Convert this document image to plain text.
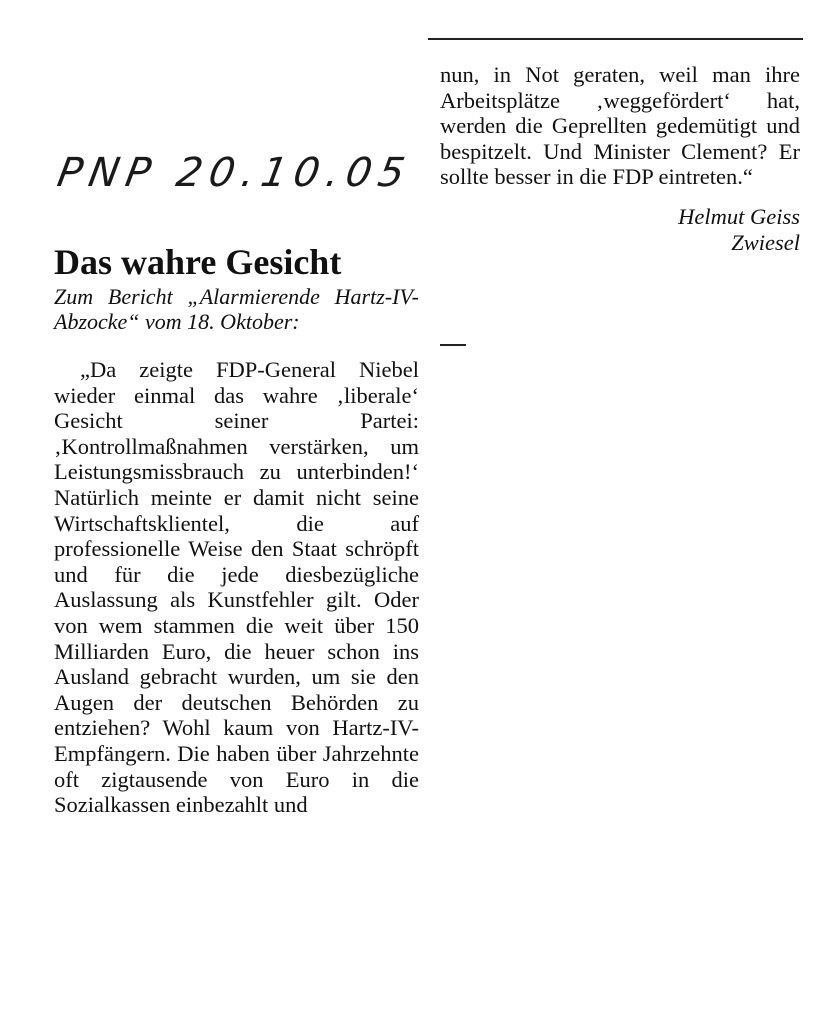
PNP 20.10.05
Das wahre Gesicht

Zum Bericht „Alarmierende Hartz-IV-Abzocke“ vom 18. Oktober:

„Da zeigte FDP-General Niebel wieder einmal das wahre ‚liberale‘ Gesicht seiner Partei: ‚Kontrollmaßnahmen verstärken, um Leistungsmissbrauch zu unterbinden!‘ Natürlich meinte er damit nicht seine Wirtschaftsklientel, die auf professionelle Weise den Staat schröpft und für die jede diesbezügliche Auslassung als Kunstfehler gilt. Oder von wem stammen die weit über 150 Milliarden Euro, die heuer schon ins Ausland gebracht wurden, um sie den Augen der deutschen Behörden zu entziehen? Wohl kaum von Hartz-IV-Empfängern. Die haben über Jahrzehnte oft zigtausende von Euro in die Sozialkassen einbezahlt und

nun, in Not geraten, weil man ihre Arbeitsplätze ‚weggefördert‘ hat, werden die Geprellten gedemütigt und bespitzelt. Und Minister Clement? Er sollte besser in die FDP eintreten.“

Helmut Geiss
Zwiesel
